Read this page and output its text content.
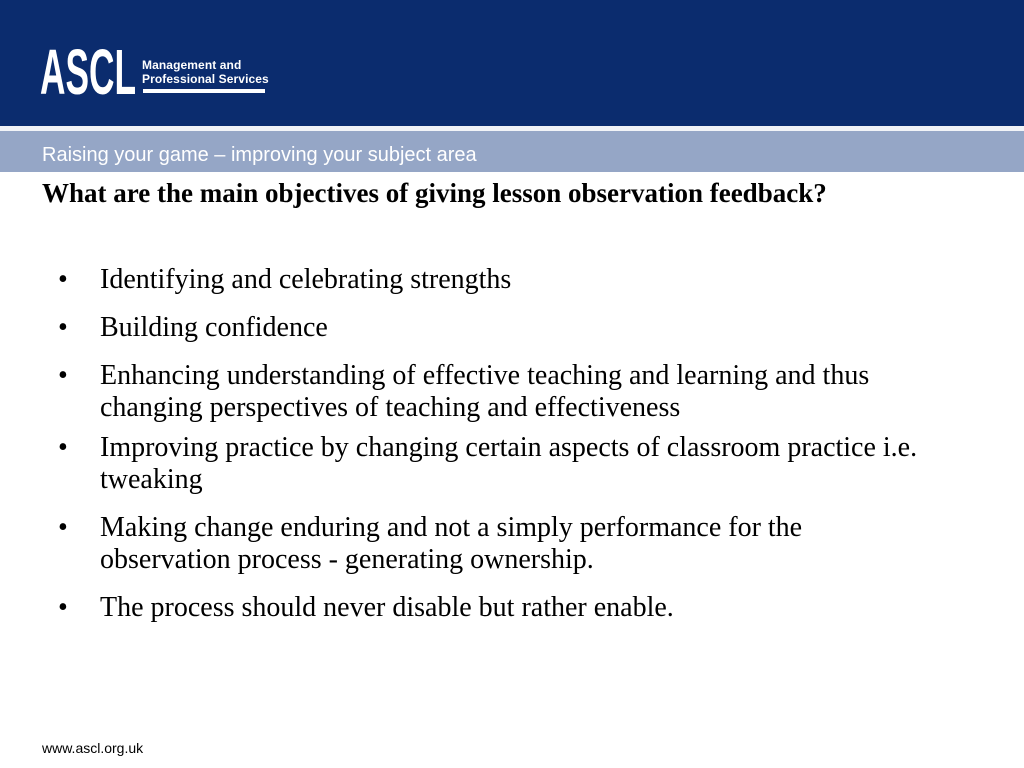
ASCL Management and
Professional Services
Raising your game – improving your subject area
What are the main objectives of giving lesson observation feedback?
• Identifying and celebrating strengths
• Building confidence
• Enhancing understanding of effective teaching and learning and thus changing perspectives of teaching and effectiveness
• Improving practice by changing certain aspects of classroom practice i.e. tweaking
• Making change enduring and not a simply performance for the observation process - generating ownership.
• The process should never disable but rather enable.
www.ascl.org.uk
